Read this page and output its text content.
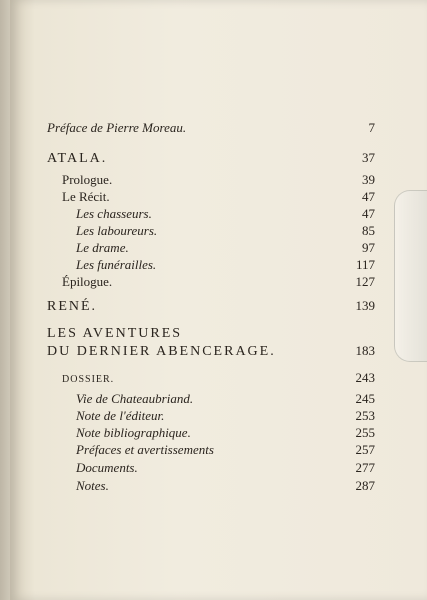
Préface de Pierre Moreau.	7
ATALA.	37
Prologue.	39
Le Récit.	47
Les chasseurs.	47
Les laboureurs.	85
Le drame.	97
Les funérailles.	117
Épilogue.	127
RENÉ.	139
LES AVENTURES
DU DERNIER ABENCERAGE.	183
DOSSIER.	243
Vie de Chateaubriand.	245
Note de l'éditeur.	253
Note bibliographique.	255
Préfaces et avertissements	257
Documents.	277
Notes.	287
